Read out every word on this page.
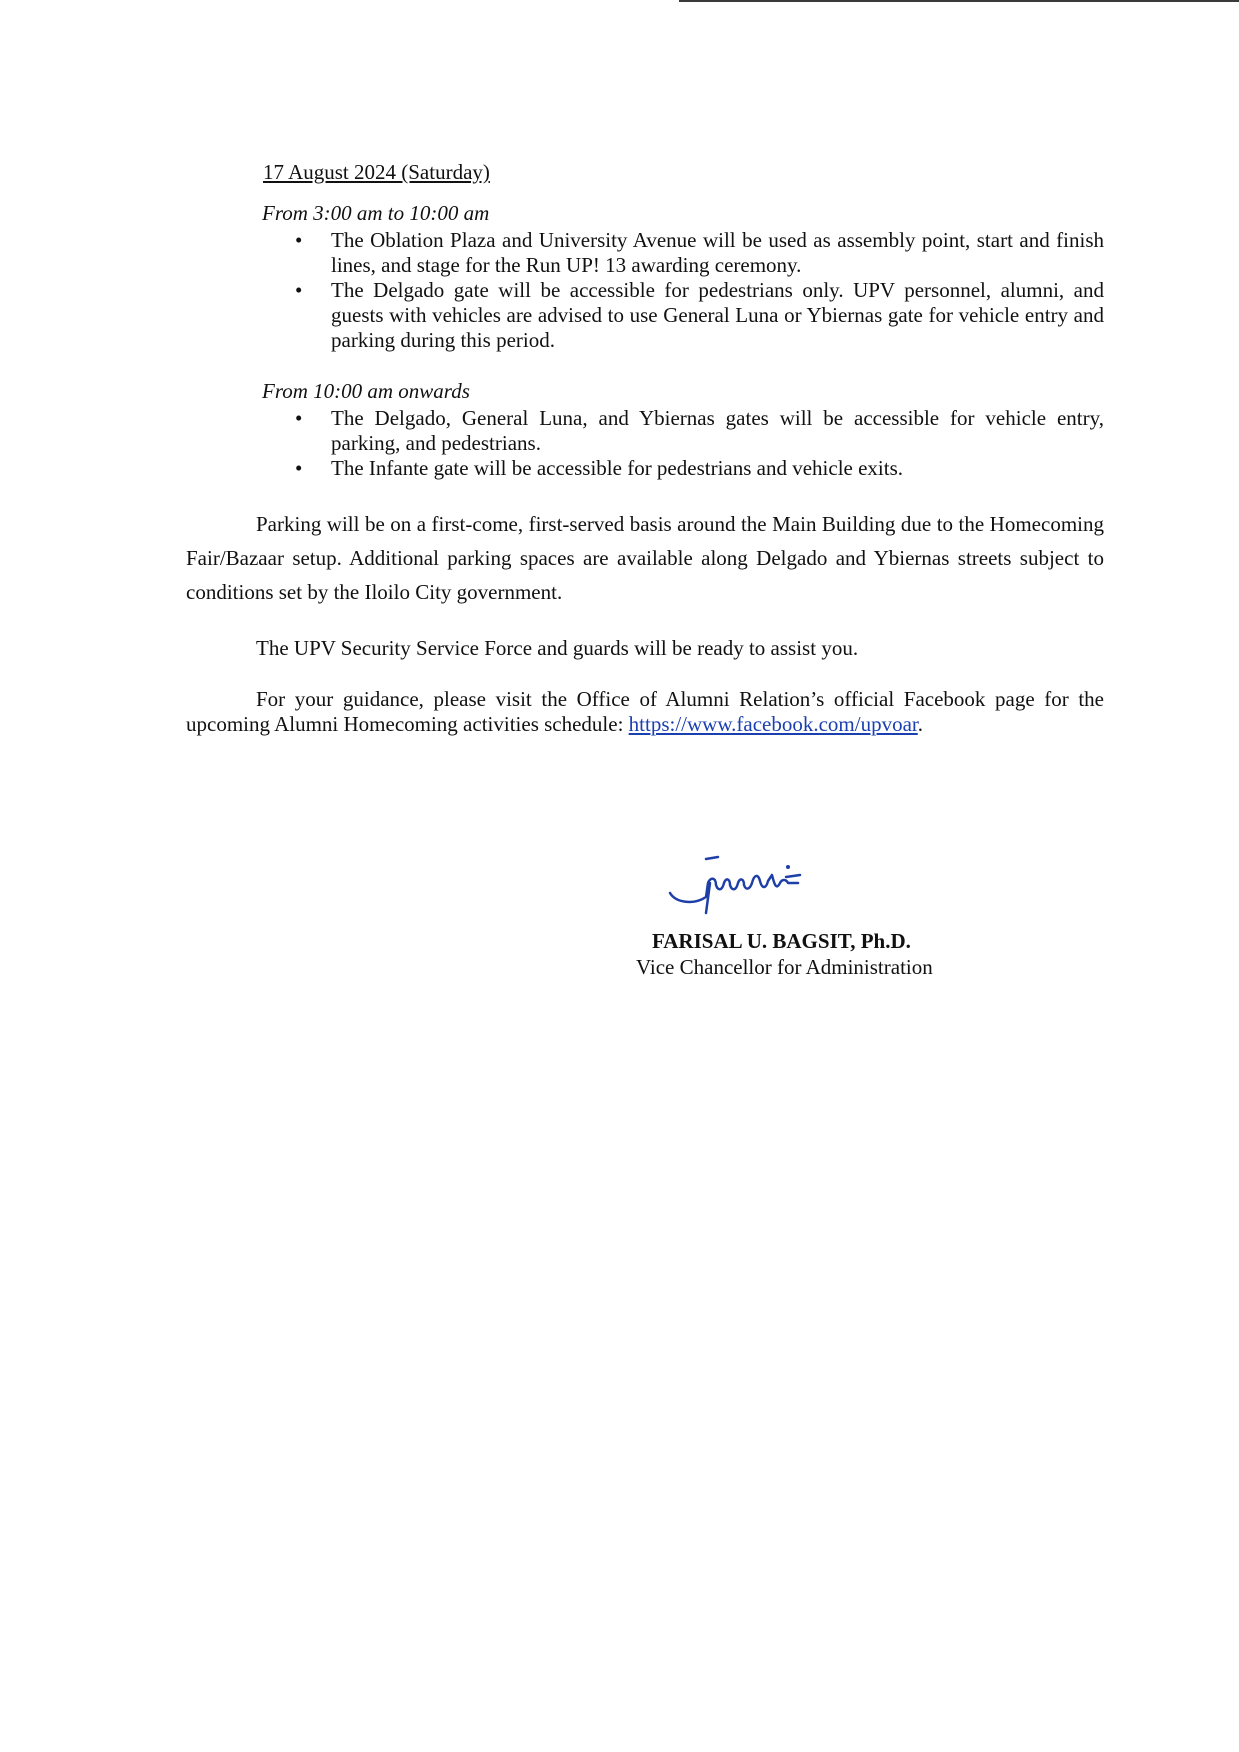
17 August 2024 (Saturday)
From 3:00 am to 10:00 am
• The Oblation Plaza and University Avenue will be used as assembly point, start and finish lines, and stage for the Run UP! 13 awarding ceremony.
• The Delgado gate will be accessible for pedestrians only. UPV personnel, alumni, and guests with vehicles are advised to use General Luna or Ybiernas gate for vehicle entry and parking during this period.
From 10:00 am onwards
• The Delgado, General Luna, and Ybiernas gates will be accessible for vehicle entry, parking, and pedestrians.
• The Infante gate will be accessible for pedestrians and vehicle exits.

Parking will be on a first-come, first-served basis around the Main Building due to the Homecoming Fair/Bazaar setup. Additional parking spaces are available along Delgado and Ybiernas streets subject to conditions set by the Iloilo City government.

The UPV Security Service Force and guards will be ready to assist you.

For your guidance, please visit the Office of Alumni Relation’s official Facebook page for the upcoming Alumni Homecoming activities schedule: https://www.facebook.com/upvoar.

FARISAL U. BAGSIT, Ph.D.
Vice Chancellor for Administration
